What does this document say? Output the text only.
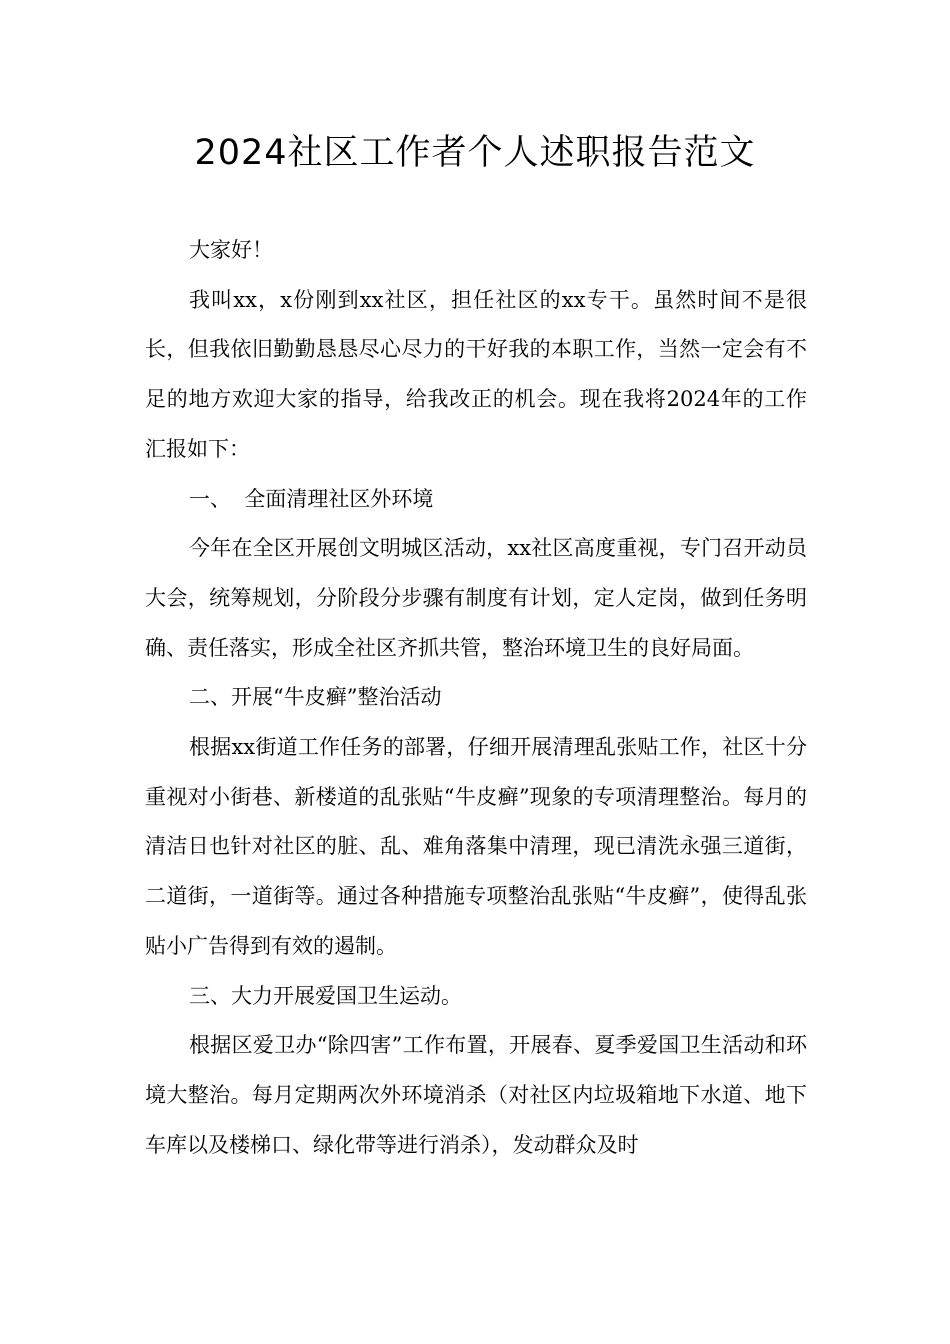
2024社区工作者个人述职报告范文

大家好！

我叫xx，x份刚到xx社区，担任社区的xx专干。虽然时间不是很长，但我依旧勤勤恳恳尽心尽力的干好我的本职工作，当然一定会有不足的地方欢迎大家的指导，给我改正的机会。现在我将2024年的工作汇报如下：

一、  全面清理社区外环境

今年在全区开展创文明城区活动，xx社区高度重视，专门召开动员大会，统筹规划，分阶段分步骤有制度有计划，定人定岗，做到任务明确、责任落实，形成全社区齐抓共管，整治环境卫生的良好局面。

二、开展“牛皮癣”整治活动

根据xx街道工作任务的部署，仔细开展清理乱张贴工作，社区十分重视对小街巷、新楼道的乱张贴“牛皮癣”现象的专项清理整治。每月的清洁日也针对社区的脏、乱、难角落集中清理，现已清洗永强三道街，二道街，一道街等。通过各种措施专项整治乱张贴“牛皮癣”，使得乱张贴小广告得到有效的遏制。

三、大力开展爱国卫生运动。

根据区爱卫办“除四害”工作布置，开展春、夏季爱国卫生活动和环境大整治。每月定期两次外环境消杀（对社区内垃圾箱地下水道、地下车库以及楼梯口、绿化带等进行消杀），发动群众及时
